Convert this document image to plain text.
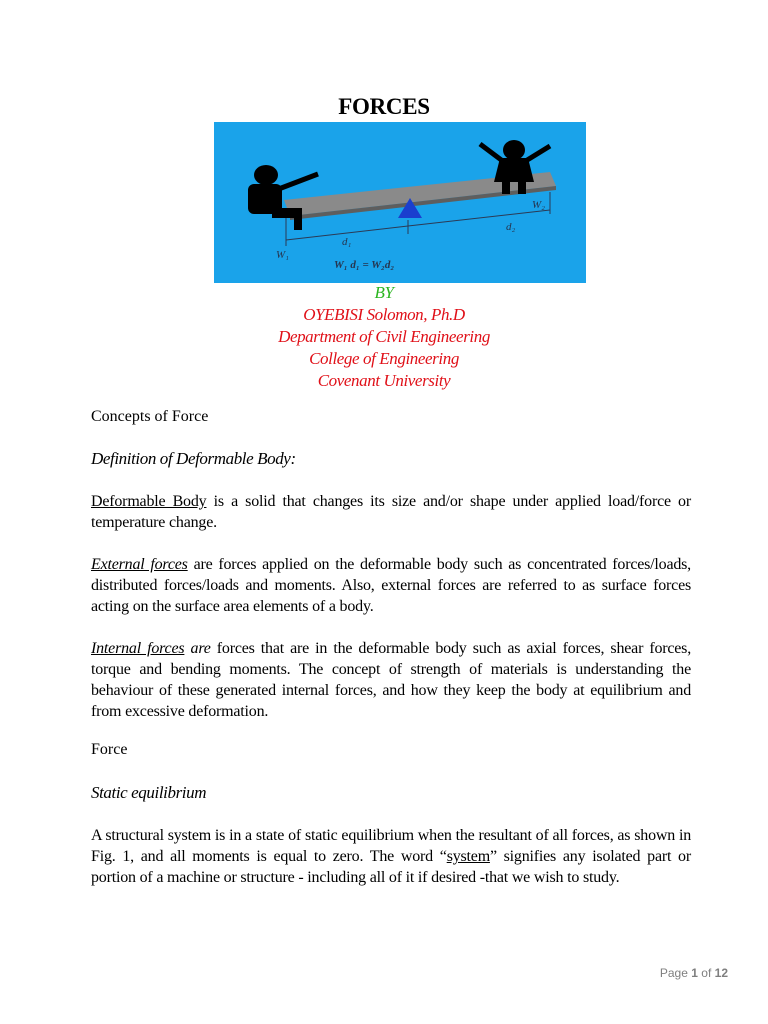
FORCES
W₁
d₁
W₂
d₂
W₁ d₁ = W₂d₂
BY
OYEBISI Solomon, Ph.D
Department of Civil Engineering
College of Engineering
Covenant University
Concepts of Force
Definition of Deformable Body:
Deformable Body is a solid that changes its size and/or shape under applied load/force or temperature change.
External forces are forces applied on the deformable body such as concentrated forces/loads, distributed forces/loads and moments. Also, external forces are referred to as surface forces acting on the surface area elements of a body.
Internal forces are forces that are in the deformable body such as axial forces, shear forces, torque and bending moments. The concept of strength of materials is understanding the behaviour of these generated internal forces, and how they keep the body at equilibrium and from excessive deformation.
Force
Static equilibrium
A structural system is in a state of static equilibrium when the resultant of all forces, as shown in Fig. 1, and all moments is equal to zero. The word “system” signifies any isolated part or portion of a machine or structure - including all of it if desired -that we wish to study.
Page 1 of 12
